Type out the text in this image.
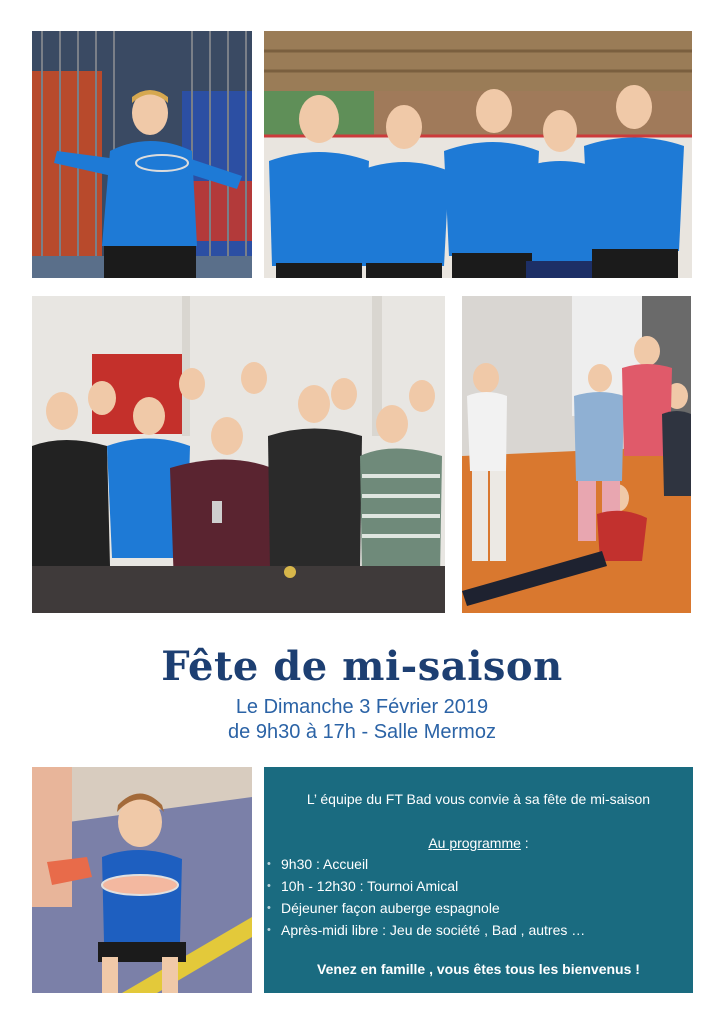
Fête de mi-saison

Le Dimanche 3 Février 2019

de 9h30 à 17h - Salle Mermoz

L’ équipe du FT Bad vous convie à sa fête de mi-saison
Au programme :
• 9h30 : Accueil
• 10h - 12h30 : Tournoi Amical
• Déjeuner façon auberge espagnole
• Après-midi libre : Jeu de société , Bad , autres …
Venez en famille , vous êtes tous les bienvenus !
